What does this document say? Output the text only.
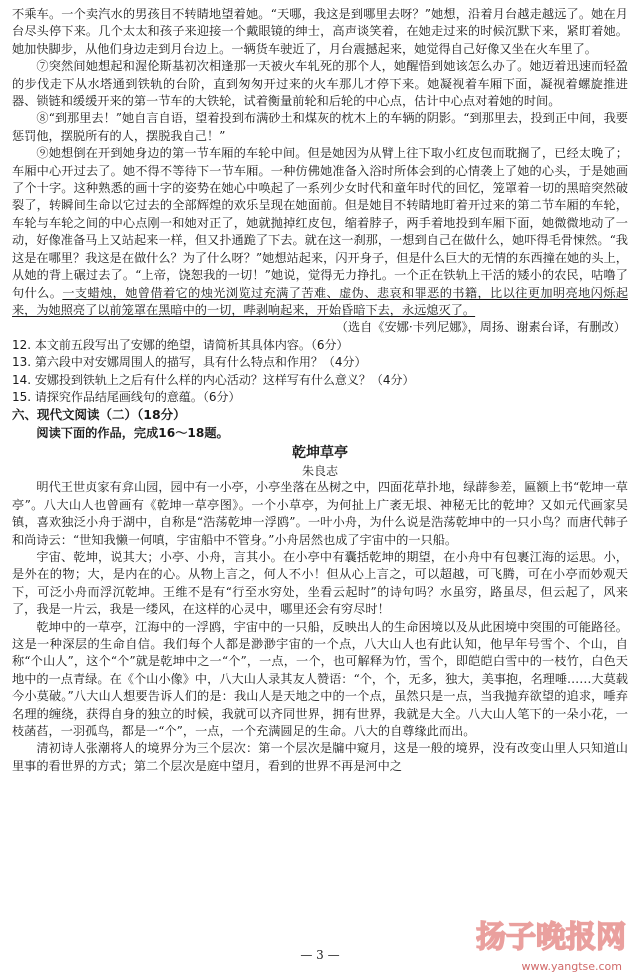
不乘车。一个卖汽水的男孩目不转睛地望着她。“天哪，我这是到哪里去呀？”她想，沿着月台越走越远了。她在月台尽头停下来。几个太太和孩子来迎接一个戴眼镜的绅士，高声谈笑着，在她走过来的时候沉默下来，紧盯着她。她加快脚步，从他们身边走到月台边上。一辆货车驶近了，月台震撼起来，她觉得自己好像又坐在火车里了。

⑦突然间她想起和渥伦斯基初次相逢那一天被火车轧死的那个人，她醒悟到她该怎么办了。她迈着迅速而轻盈的步伐走下从水塔通到铁轨的台阶，直到匆匆开过来的火车那儿才停下来。她凝视着车厢下面，凝视着螺旋推进器、锁链和缓缓开来的第一节车的大铁轮，试着衡量前轮和后轮的中心点，估计中心点对着她的时间。

⑧“到那里去！”她自言自语，望着投到布满砂土和煤灰的枕木上的车辆的阴影。“到那里去，投到正中间，我要惩罚他，摆脱所有的人，摆脱我自己！”

⑨她想倒在开到她身边的第一节车厢的车轮中间。但是她因为从臂上往下取小红皮包而耽搁了，已经太晚了；车厢中心开过去了。她不得不等待下一节车厢。一种仿佛她准备入浴时所体会到的心情袭上了她的心头，于是她画了个十字。这种熟悉的画十字的姿势在她心中唤起了一系列少女时代和童年时代的回忆，笼罩着一切的黑暗突然破裂了，转瞬间生命以它过去的全部辉煌的欢乐呈现在她面前。但是她目不转睛地盯着开过来的第二节车厢的车轮，车轮与车轮之间的中心点刚一和她对正了，她就抛掉红皮包，缩着脖子，两手着地投到车厢下面，她微微地动了一动，好像准备马上又站起来一样，但又扑通跪了下去。就在这一刹那，一想到自己在做什么，她吓得毛骨悚然。“我这是在哪里？我这是在做什么？为了什么呀？”她想站起来，闪开身子，但是什么巨大的无情的东西撞在她的头上，从她的背上碾过去了。“上帝，饶恕我的一切！”她说，觉得无力挣扎。一个正在铁轨上干活的矮小的农民，咕噜了句什么。一支蜡烛，她曾借着它的烛光浏览过充满了苦难、虚伪、悲哀和罪恶的书籍，比以往更加明亮地闪烁起来，为她照亮了以前笼罩在黑暗中的一切，哔剥响起来，开始昏暗下去，永远熄灭了。

（选自《安娜·卡列尼娜》，周扬、谢素台译，有删改）

12. 本文前五段写出了安娜的绝望，请简析其具体内容。（6分）

13. 第六段中对安娜周围人的描写，具有什么特点和作用？（4分）

14. 安娜投到铁轨上之后有什么样的内心活动？这样写有什么意义？（4分）

15. 请探究作品结尾画线句的意蕴。（6分）

六、现代文阅读（二）（18分）

阅读下面的作品，完成16～18题。

乾坤草亭

朱良志

明代王世贞家有弇山园，园中有一小亭，小亭坐落在丛树之中，四面花草扑地，绿薜参差，匾额上书“乾坤一草亭”。八大山人也曾画有《乾坤一草亭图》。一个小草亭，为何扯上广袤无垠、神秘无比的乾坤？又如元代画家吴镇，喜欢独泛小舟于湖中，自称是“浩荡乾坤一浮鸥”。一叶小舟，为什么说是浩荡乾坤中的一只小鸟？而唐代韩子和尚诗云：“世知我懒一何嗔，宇宙船中不管身。”小舟居然也成了宇宙中的一只船。

宇宙、乾坤，说其大；小亭、小舟，言其小。在小亭中有囊括乾坤的期望，在小舟中有包裹江海的运思。小，是外在的物；大，是内在的心。从物上言之，何人不小！但从心上言之，可以超越，可飞腾，可在小亭而妙观天下，可泛小舟而浮沉乾坤。王维不是有“行至水穷处，坐看云起时”的诗句吗？水虽穷，路虽尽，但云起了，风来了，我是一片云，我是一缕风，在这样的心灵中，哪里还会有穷尽时！

乾坤中的一草亭，江海中的一浮鸥，宇宙中的一只船，反映出人的生命困境以及从此困境中突围的可能路径。这是一种深层的生命自信。我们每个人都是渺渺宇宙的一个点，八大山人也有此认知，他早年号雪个、个山，自称“个山人”，这个“个”就是乾坤中之一“个”，一点，一个，也可解释为竹，雪个，即皑皑白雪中的一枝竹，白色天地中的一点青绿。在《个山小像》中，八大山人录其友人赞语：“个，个，无多，独大，美事抱，名理唾……大莫载今小莫破。”八大山人想要告诉人们的是：我山人是天地之中的一个点，虽然只是一点，当我抛弃欲望的追求，唾弃名理的缠绕，获得自身的独立的时候，我就可以齐同世界，拥有世界，我就是大全。八大山人笔下的一朵小花，一枝菡萏，一羽孤鸟，都是一“个”，一点，一个充满圆足的生命。八大的自尊缘此而出。

清初诗人张潮将人的境界分为三个层次：第一个层次是牖中窥月，这是一般的境界，没有改变山里人只知道山里事的看世界的方式；第二个层次是庭中望月，看到的世界不再是河中之

— 3 —	扬子晚报网
www.yangtse.com
